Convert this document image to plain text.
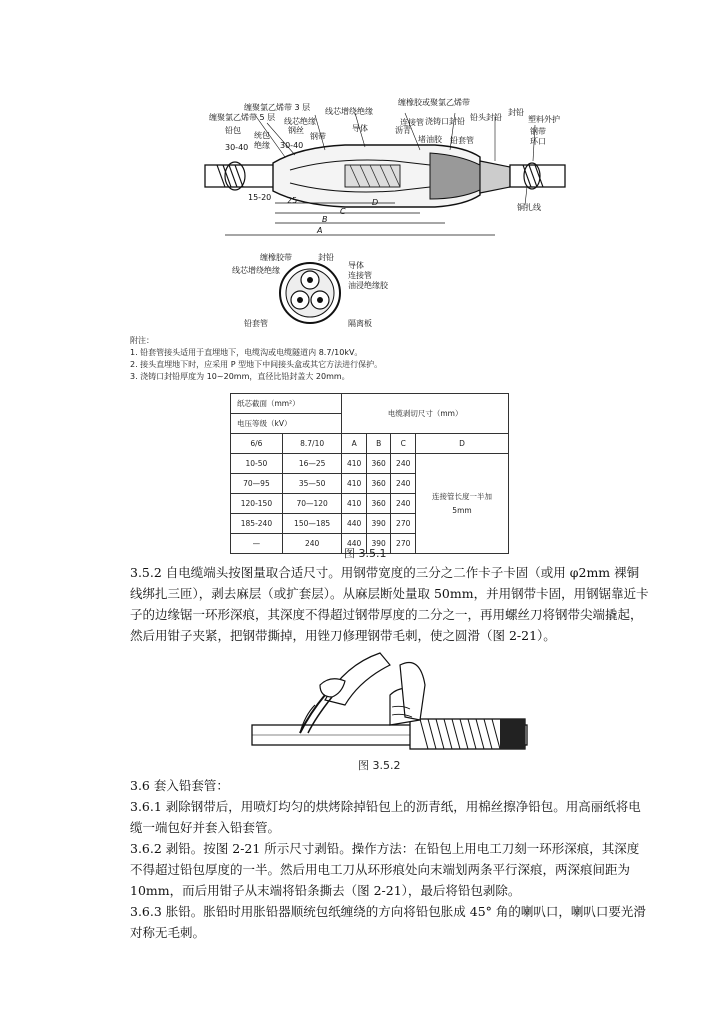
缠聚氯乙烯带 3 层
缠聚氯乙烯带 5 层
线芯增绕绝缘
缠橡胶或聚氯乙烯带
铅包
统包
绝缘
钢丝
线芯绝缘
钢带
导体	沥青
浇铸口封铅 铅头封铅
封铅
塑料外护
钢带
环口
铜扎线
连接管
铅套管
堵油胶
30-40	30-40
15-20 25
A
B
C
D
缠橡胶带	封铅
线芯增绕绝缘
导体
连接管
油浸绝缘胶
铅套管	隔离板
附注：
1. 铅套管接头适用于直埋地下，电缆沟或电缆隧道内 8.7/10kV。
2. 接头直埋地下时，应采用 P 型地下中间接头盒或其它方法进行保护。
3. 浇铸口封铅厚度为 10~20mm，直径比铅封盖大 20mm。
纸芯截面（mm²）		电缆剥切尺寸（mm）			
电压等级（kV）					
6/6	8.7/10	A	B	C	D
10-50	16—25	410	360	240	连接管长度一半加 5mm
70—95	35—50	410	360	240	
120-150	70—120	410	360	240	
185-240	150—185	440	390	270	
—	240	440	390	270	
图 3.5.1
3.5.2 自电缆端头按图量取合适尺寸。用钢带宽度的三分之二作卡子卡固（或用 φ2mm 裸铜线绑扎三匝），剥去麻层（或扩套层）。从麻层断处量取 50mm，并用钢带卡固，用钢锯靠近卡子的边缘锯一环形深痕，其深度不得超过钢带厚度的二分之一，再用螺丝刀将钢带尖端撬起，然后用钳子夹紧，把钢带撕掉，用锉刀修理钢带毛刺，使之圆滑（图 2-21）。
图 3.5.2
3.6 套入铅套管：
3.6.1 剥除钢带后，用喷灯均匀的烘烤除掉铅包上的沥青纸，用棉丝擦净铅包。用高丽纸将电缆一端包好并套入铅套管。
3.6.2 剥铅。按图 2-21 所示尺寸剥铅。操作方法：在铅包上用电工刀刻一环形深痕，其深度不得超过铅包厚度的一半。然后用电工刀从环形痕处向末端划两条平行深痕，两深痕间距为 10mm，而后用钳子从末端将铅条撕去（图 2-21），最后将铅包剥除。
3.6.3 胀铅。胀铅时用胀铅器顺统包纸缠绕的方向将铅包胀成 45° 角的喇叭口，喇叭口要光滑对称无毛刺。
